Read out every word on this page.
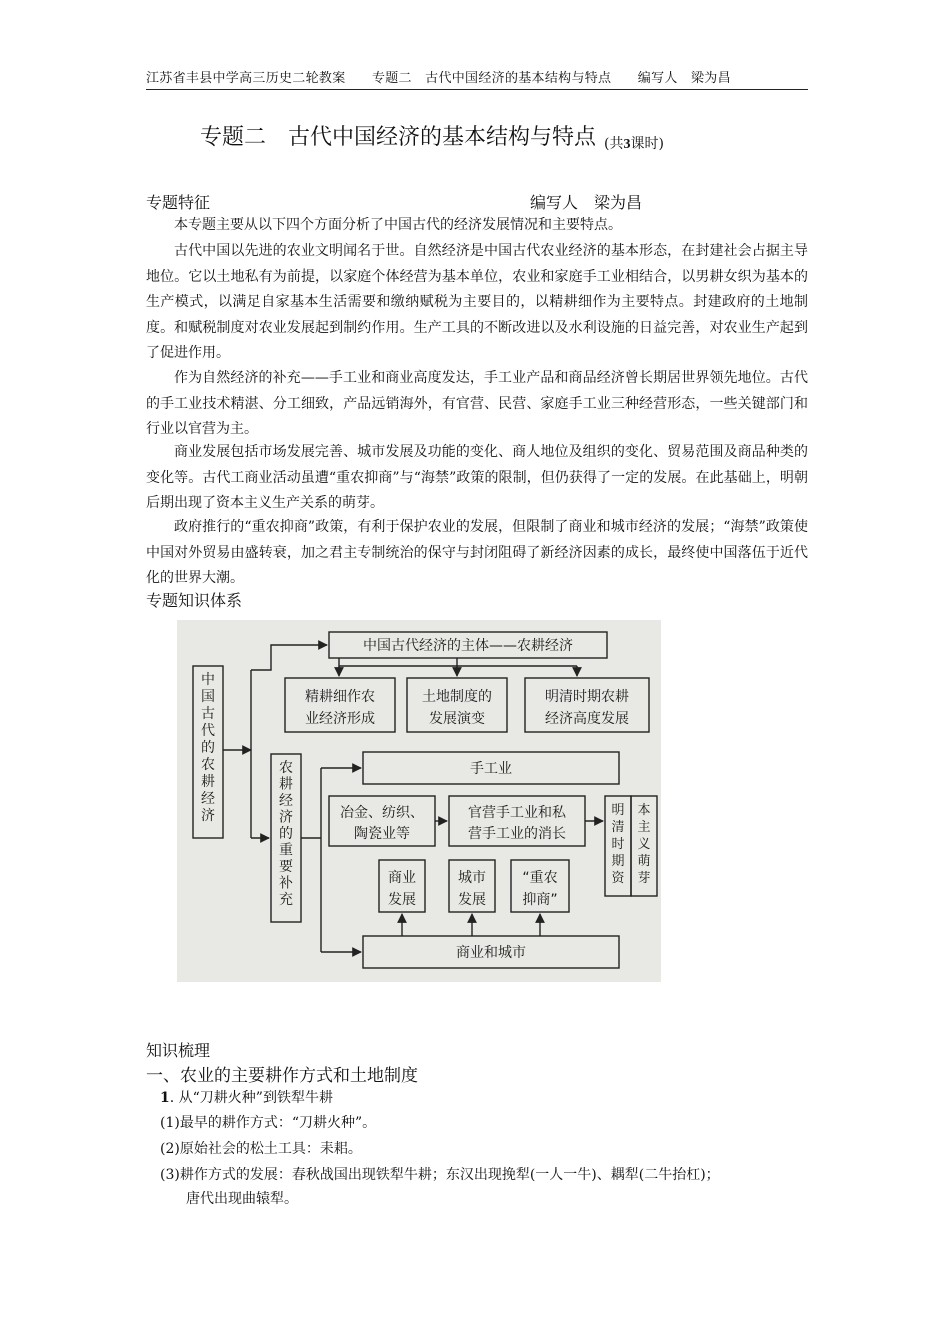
江苏省丰县中学高三历史二轮教案 专题二　古代中国经济的基本结构与特点 编写人　梁为昌
专题二　古代中国经济的基本结构与特点 (共3课时)
专题特征	编写人　梁为昌
本专题主要从以下四个方面分析了中国古代的经济发展情况和主要特点。
古代中国以先进的农业文明闻名于世。自然经济是中国古代农业经济的基本形态，在封建社会占据主导地位。它以土地私有为前提，以家庭个体经营为基本单位，农业和家庭手工业相结合，以男耕女织为基本的生产模式，以满足自家基本生活需要和缴纳赋税为主要目的，以精耕细作为主要特点。封建政府的土地制度。和赋税制度对农业发展起到制约作用。生产工具的不断改进以及水利设施的日益完善，对农业生产起到了促进作用。
作为自然经济的补充——手工业和商业高度发达，手工业产品和商品经济曾长期居世界领先地位。古代的手工业技术精湛、分工细致，产品远销海外，有官营、民营、家庭手工业三种经营形态，一些关键部门和行业以官营为主。
商业发展包括市场发展完善、城市发展及功能的变化、商人地位及组织的变化、贸易范围及商品种类的变化等。古代工商业活动虽遭“重农抑商”与“海禁”政策的限制，但仍获得了一定的发展。在此基础上，明朝后期出现了资本主义生产关系的萌芽。
政府推行的“重农抑商”政策，有利于保护农业的发展，但限制了商业和城市经济的发展；“海禁”政策使中国对外贸易由盛转衰，加之君主专制统治的保守与封闭阻碍了新经济因素的成长，最终使中国落伍于近代化的世界大潮。
专题知识体系
中国古代的农耕经济
中国古代经济的主体——农耕经济
精耕细作农
业经济形成
土地制度的
发展演变
明清时期农耕
经济高度发展
农耕经济的重要补充
手工业
冶金、纺织、
陶瓷业等
官营手工业和私
营手工业的消长
明清时期资
本主义萌芽
商业
发展
城市
发展
“重农
抑商”
商业和城市
知识梳理
一、农业的主要耕作方式和土地制度
1. 从“刀耕火种”到铁犁牛耕
(1)最早的耕作方式：“刀耕火种”。
(2)原始社会的松土工具：耒耜。
(3)耕作方式的发展：春秋战国出现铁犁牛耕；东汉出现挽犁(一人一牛)、耦犁(二牛抬杠)；
唐代出现曲辕犁。
